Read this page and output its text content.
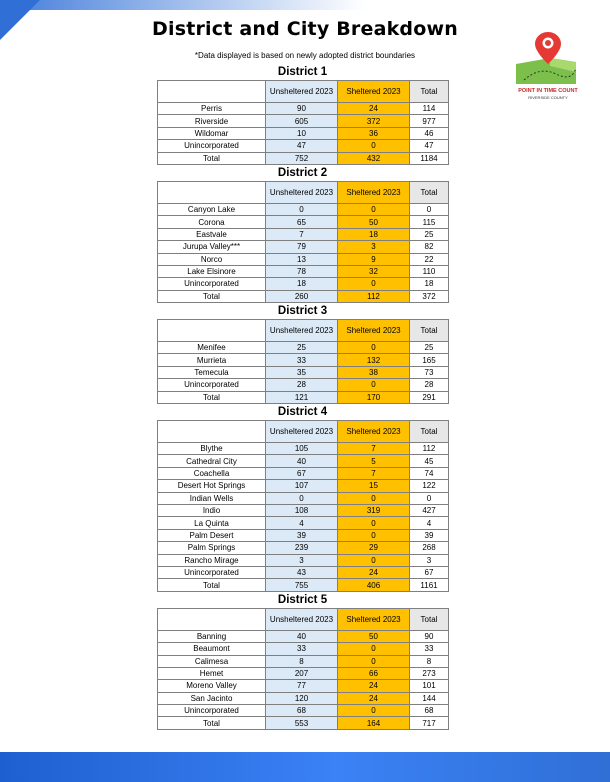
District and City Breakdown
*Data displayed is based on newly adopted district boundaries
POINT IN TIME COUNT
RIVERSIDE COUNTY
District 1
	Unsheltered 2023	Sheltered 2023	Total
Perris	90	24	114
Riverside	605	372	977
Wildomar	10	36	46
Unincorporated	47	0	47
Total	752	432	1184
District 2
	Unsheltered 2023	Sheltered 2023	Total
Canyon Lake	0	0	0
Corona	65	50	115
Eastvale	7	18	25
Jurupa Valley***	79	3	82
Norco	13	9	22
Lake Elsinore	78	32	110
Unincorporated	18	0	18
Total	260	112	372
District 3
	Unsheltered 2023	Sheltered 2023	Total
Menifee	25	0	25
Murrieta	33	132	165
Temecula	35	38	73
Unincorporated	28	0	28
Total	121	170	291
District 4
	Unsheltered 2023	Sheltered 2023	Total
Blythe	105	7	112
Cathedral City	40	5	45
Coachella	67	7	74
Desert Hot Springs	107	15	122
Indian Wells	0	0	0
Indio	108	319	427
La Quinta	4	0	4
Palm Desert	39	0	39
Palm Springs	239	29	268
Rancho Mirage	3	0	3
Unincorporated	43	24	67
Total	755	406	1161
District 5
	Unsheltered 2023	Sheltered 2023	Total
Banning	40	50	90
Beaumont	33	0	33
Calimesa	8	0	8
Hemet	207	66	273
Moreno Valley	77	24	101
San Jacinto	120	24	144
Unincorporated	68	0	68
Total	553	164	717
